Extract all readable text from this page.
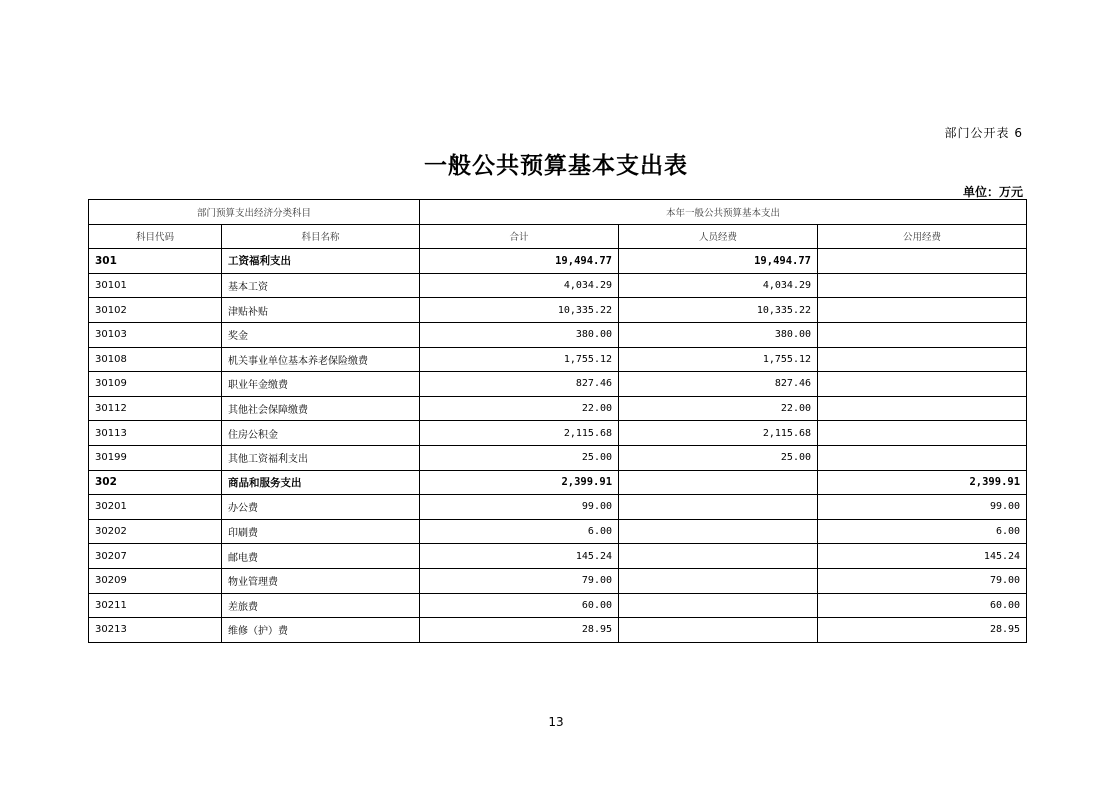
部门公开表 6
一般公共预算基本支出表
单位：万元
部门预算支出经济分类科目		本年一般公共预算基本支出		
科目代码	科目名称	合计	人员经费	公用经费
301	工资福利支出	19,494.77	19,494.77	
30101	基本工资	4,034.29	4,034.29	
30102	津贴补贴	10,335.22	10,335.22	
30103	奖金	380.00	380.00	
30108	机关事业单位基本养老保险缴费	1,755.12	1,755.12	
30109	职业年金缴费	827.46	827.46	
30112	其他社会保障缴费	22.00	22.00	
30113	住房公积金	2,115.68	2,115.68	
30199	其他工资福利支出	25.00	25.00	
302	商品和服务支出	2,399.91		2,399.91
30201	办公费	99.00		99.00
30202	印刷费	6.00		6.00
30207	邮电费	145.24		145.24
30209	物业管理费	79.00		79.00
30211	差旅费	60.00		60.00
30213	维修（护）费	28.95		28.95
13
